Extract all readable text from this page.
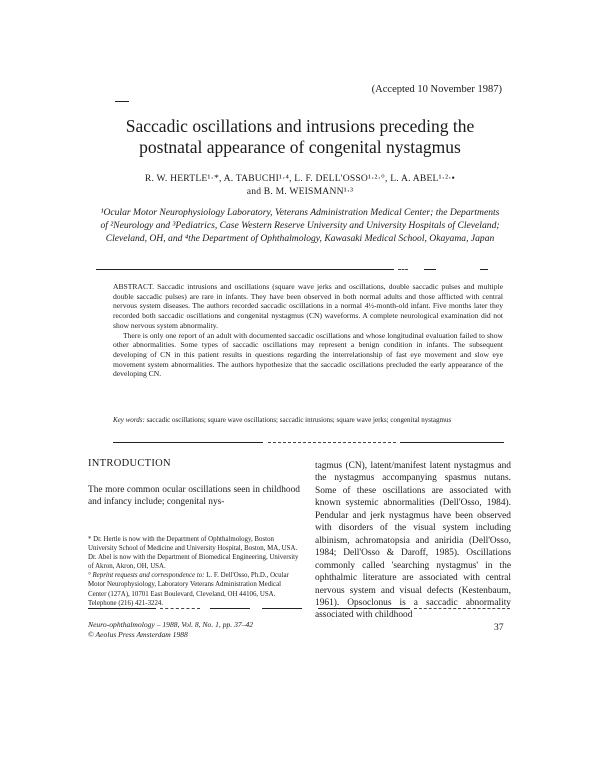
(Accepted 10 November 1987)
Saccadic oscillations and intrusions preceding the
postnatal appearance of congenital nystagmus
R. W. HERTLE¹·*, A. TABUCHI¹·⁴, L. F. DELL'OSSO¹·²·°, L. A. ABEL¹·²·•
and B. M. WEISMANN¹·³
¹Ocular Motor Neurophysiology Laboratory, Veterans Administration Medical Center; the Departments of ²Neurology and ³Pediatrics, Case Western Reserve University and University Hospitals of Cleveland; Cleveland, OH, and ⁴the Department of Ophthalmology, Kawasaki Medical School, Okayama, Japan

ABSTRACT. Saccadic intrusions and oscillations (square wave jerks and oscillations, double saccadic pulses and multiple double saccadic pulses) are rare in infants. They have been observed in both normal adults and those afflicted with central nervous system diseases. The authors recorded saccadic oscillations in a normal 4½-month-old infant. Five months later they recorded both saccadic oscillations and congenital nystagmus (CN) waveforms. A complete neurological examination did not show nervous system abnormality.

There is only one report of an adult with documented saccadic oscillations and whose longitudinal evaluation failed to show other abnormalities. Some types of saccadic oscillations may represent a benign condition in infants. The subsequent developing of CN in this patient results in questions regarding the interrelationship of fast eye movement and slow eye movement system abnormalities. The authors hypothesize that the saccadic oscillations precluded the early appearance of the developing CN.

Key words: saccadic oscillations; square wave oscillations; saccadic intrusions; square wave jerks; congenital nystagmus
INTRODUCTION
The more common ocular oscillations seen in childhood and infancy include; congenital nys-

* Dr. Hertle is now with the Department of Ophthalmology, Boston University School of Medicine and University Hospital, Boston, MA, USA.

Dr. Abel is now with the Department of Biomedical Engineering, University of Akron, Akron, OH, USA.

° Reprint requests and correspondence to: L. F. Dell'Osso, Ph.D., Ocular Motor Neurophysiology, Laboratory Veterans Administration Medical Center (127A), 10701 East Boulevard, Cleveland, OH 44106, USA. Telephone (216) 421-3224.

tagmus (CN), latent/manifest latent nystagmus and the nystagmus accompanying spasmus nutans. Some of these oscillations are associated with known systemic abnormalities (Dell'Osso, 1984). Pendular and jerk nystagmus have been observed with disorders of the visual system including albinism, achromatopsia and aniridia (Dell'Osso, 1984; Dell'Osso & Daroff, 1985). Oscillations commonly called 'searching nystagmus' in the ophthalmic literature are associated with central nervous system and visual defects (Kestenbaum, 1961). Opsoclonus is a saccadic abnormality associated with childhood
Neuro-ophthalmology – 1988, Vol. 8, No. 1, pp. 37–42
© Aeolus Press Amsterdam 1988
37
